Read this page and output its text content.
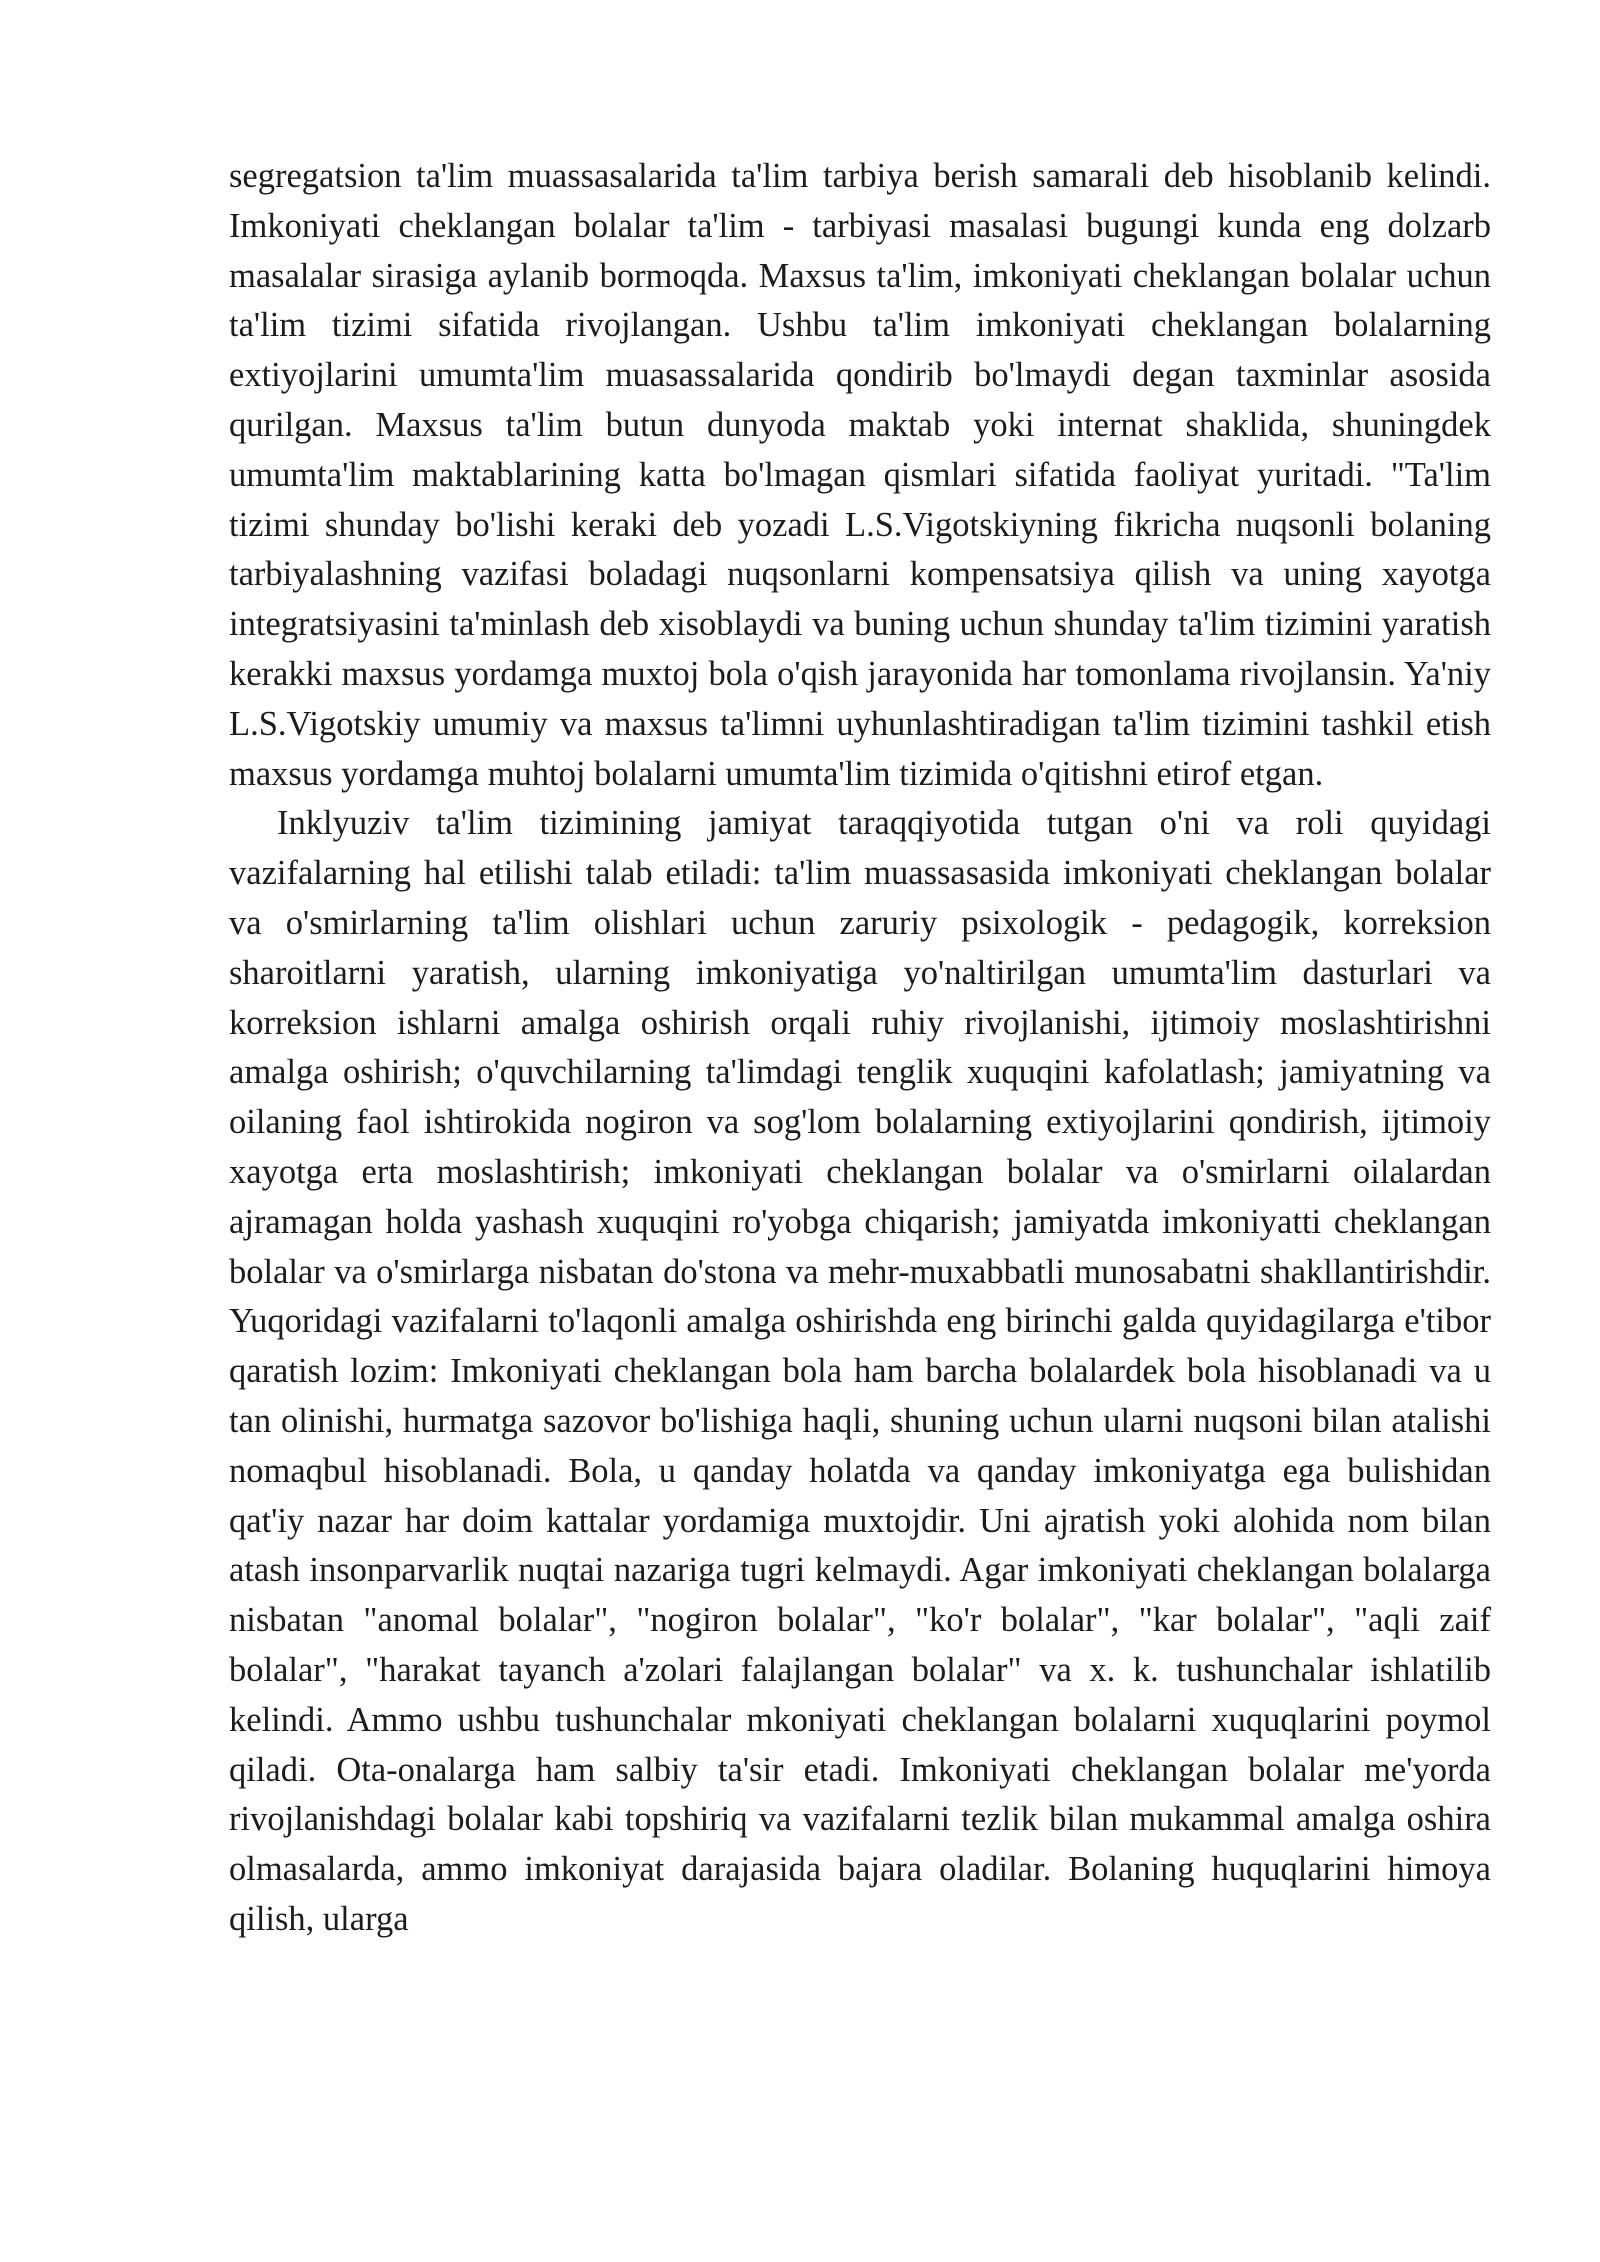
segregatsion ta'lim muassasalarida ta'lim tarbiya berish samarali deb hisoblanib kelindi. Imkoniyati cheklangan bolalar ta'lim - tarbiyasi masalasi bugungi kunda eng dolzarb masalalar sirasiga aylanib bormoqda. Maxsus ta'lim, imkoniyati cheklangan bolalar uchun ta'lim tizimi sifatida rivojlangan. Ushbu ta'lim imkoniyati cheklangan bolalarning extiyojlarini umumta'lim muasassalarida qondirib bo'lmaydi degan taxminlar asosida qurilgan. Maxsus ta'lim butun dunyoda maktab yoki internat shaklida, shuningdek umumta'lim maktablarining katta bo'lmagan qismlari sifatida faoliyat yuritadi. "Ta'lim tizimi shunday bo'lishi keraki deb yozadi L.S.Vigotskiyning fikricha nuqsonli bolaning tarbiyalashning vazifasi boladagi nuqsonlarni kompensatsiya qilish va uning xayotga integratsiyasini ta'minlash deb xisoblaydi va buning uchun shunday ta'lim tizimini yaratish kerakki maxsus yordamga muxtoj bola o'qish jarayonida har tomonlama rivojlansin. Ya'niy L.S.Vigotskiy umumiy va maxsus ta'limni uyhunlashtiradigan ta'lim tizimini tashkil etish maxsus yordamga muhtoj bolalarni umumta'lim tizimida o'qitishni etirof etgan.

Inklyuziv ta'lim tizimining jamiyat taraqqiyotida tutgan o'ni va roli quyidagi vazifalarning hal etilishi talab etiladi: ta'lim muassasasida imkoniyati cheklangan bolalar va o'smirlarning ta'lim olishlari uchun zaruriy psixologik - pedagogik, korreksion sharoitlarni yaratish, ularning imkoniyatiga yo'naltirilgan umumta'lim dasturlari va korreksion ishlarni amalga oshirish orqali ruhiy rivojlanishi, ijtimoiy moslashtirishni amalga oshirish; o'quvchilarning ta'limdagi tenglik xuquqini kafolatlash; jamiyatning va oilaning faol ishtirokida nogiron va sog'lom bolalarning extiyojlarini qondirish, ijtimoiy xayotga erta moslashtirish; imkoniyati cheklangan bolalar va o'smirlarni oilalardan ajramagan holda yashash xuquqini ro'yobga chiqarish; jamiyatda imkoniyatti cheklangan bolalar va o'smirlarga nisbatan do'stona va mehr-muxabbatli munosabatni shakllantirishdir. Yuqoridagi vazifalarni to'laqonli amalga oshirishda eng birinchi galda quyidagilarga e'tibor qaratish lozim: Imkoniyati cheklangan bola ham barcha bolalardek bola hisoblanadi va u tan olinishi, hurmatga sazovor bo'lishiga haqli, shuning uchun ularni nuqsoni bilan atalishi nomaqbul hisoblanadi. Bola, u qanday holatda va qanday imkoniyatga ega bulishidan qat'iy nazar har doim kattalar yordamiga muxtojdir. Uni ajratish yoki alohida nom bilan atash insonparvarlik nuqtai nazariga tugri kelmaydi. Agar imkoniyati cheklangan bolalarga nisbatan "anomal bolalar", "nogiron bolalar", "ko'r bolalar", "kar bolalar", "aqli zaif bolalar", "harakat tayanch a'zolari falajlangan bolalar" va x. k. tushunchalar ishlatilib kelindi. Ammo ushbu tushunchalar mkoniyati cheklangan bolalarni xuquqlarini poymol qiladi. Ota-onalarga ham salbiy ta'sir etadi. Imkoniyati cheklangan bolalar me'yorda rivojlanishdagi bolalar kabi topshiriq va vazifalarni tezlik bilan mukammal amalga oshira olmasalarda, ammo imkoniyat darajasida bajara oladilar. Bolaning huquqlarini himoya qilish, ularga
